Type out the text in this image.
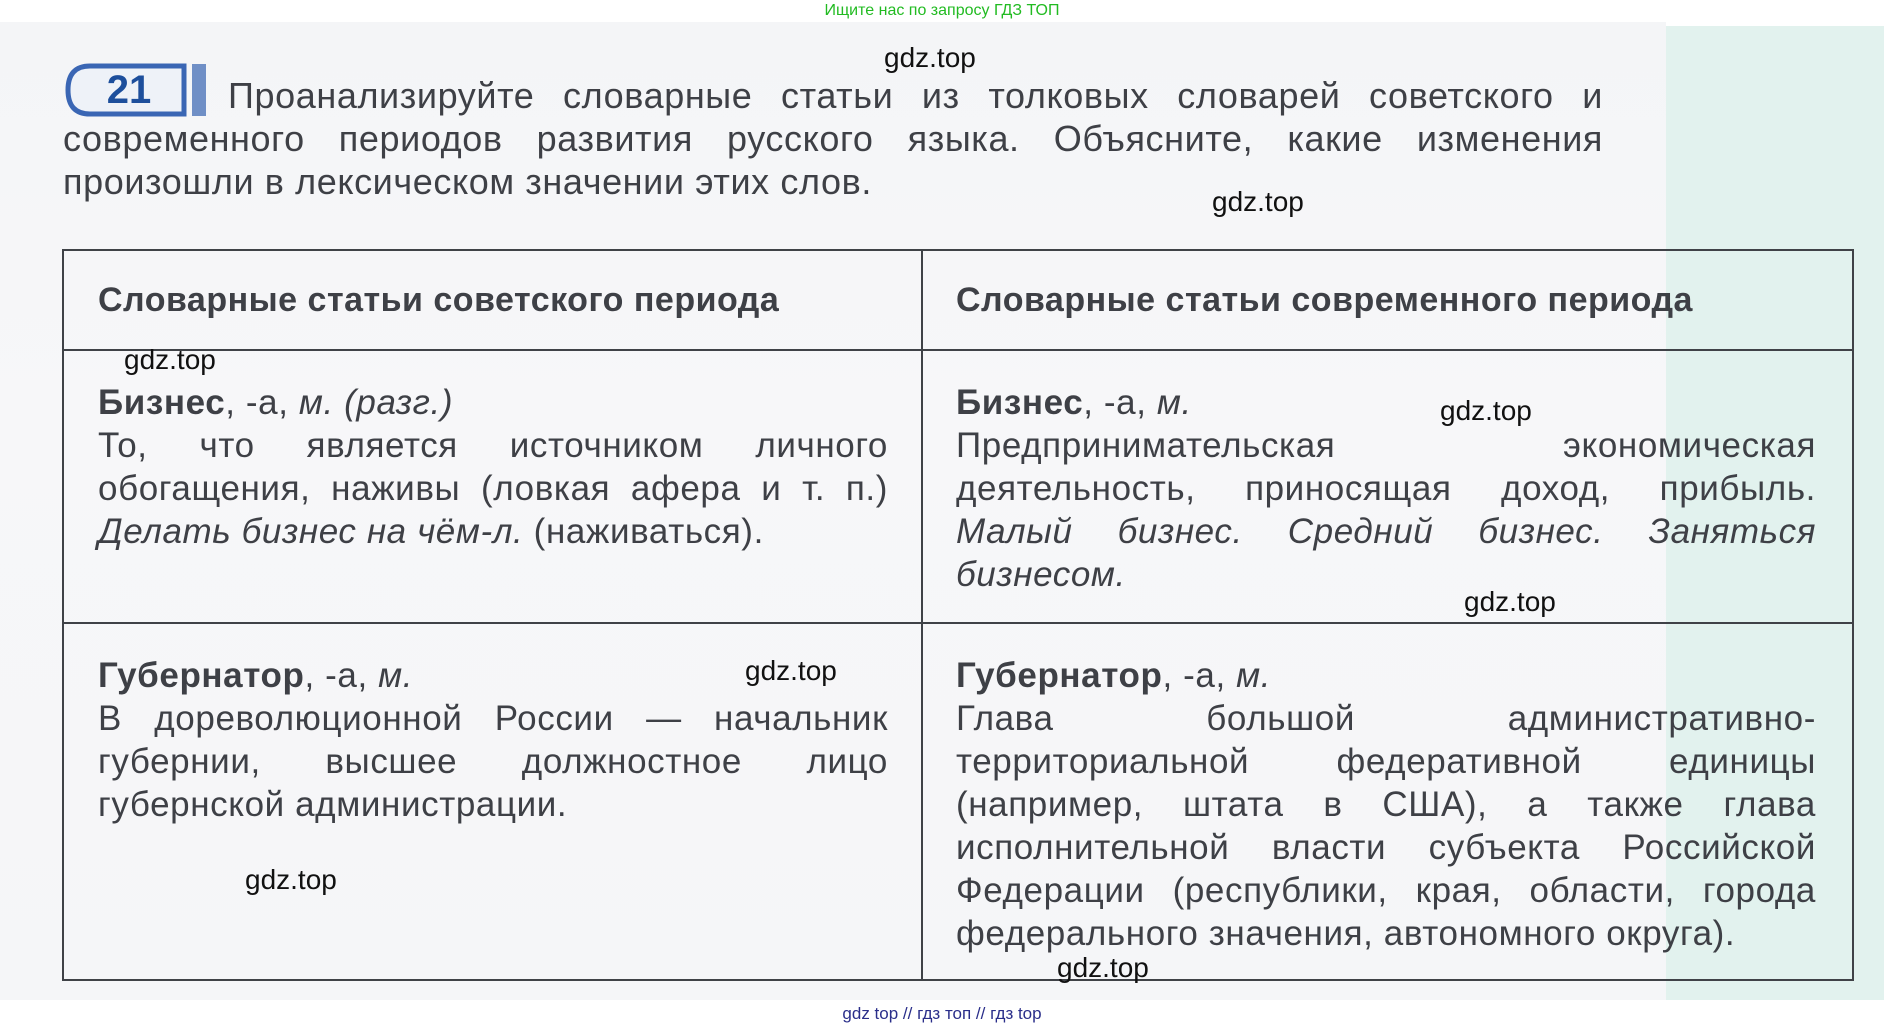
Ищите нас по запросу ГДЗ ТОП
21	Проанализируйте словарные статьи из толковых словарей советского и современного периодов развития русского языка. Объясните, какие изменения произошли в лексическом значении этих слов.

Словарные статьи советского периода	Словарные статьи современного периода

Бизнес, -а, м. (разг.)

То, что является источником личного обогащения, наживы (ловкая афера и т. п.) Делать бизнес на чём-л. (наживаться).

Бизнес, -а, м.

Предпринимательская экономическая деятельность, приносящая доход, прибыль. Малый бизнес. Средний бизнес. Заняться бизнесом.

Губернатор, -а, м.

В дореволюционной России — начальник губернии, высшее должностное лицо губернской администрации.

Губернатор, -а, м.

Глава большой административно-территориальной федеративной единицы (например, штата в США), а также глава исполнительной власти субъекта Российской Федерации (республики, края, области, города федерального значения, автономного округа).

gdz.top
gdz.top
gdz.top
gdz.top
gdz.top
gdz.top
gdz.top
gdz.top
gdz top // гдз топ // гдз top
